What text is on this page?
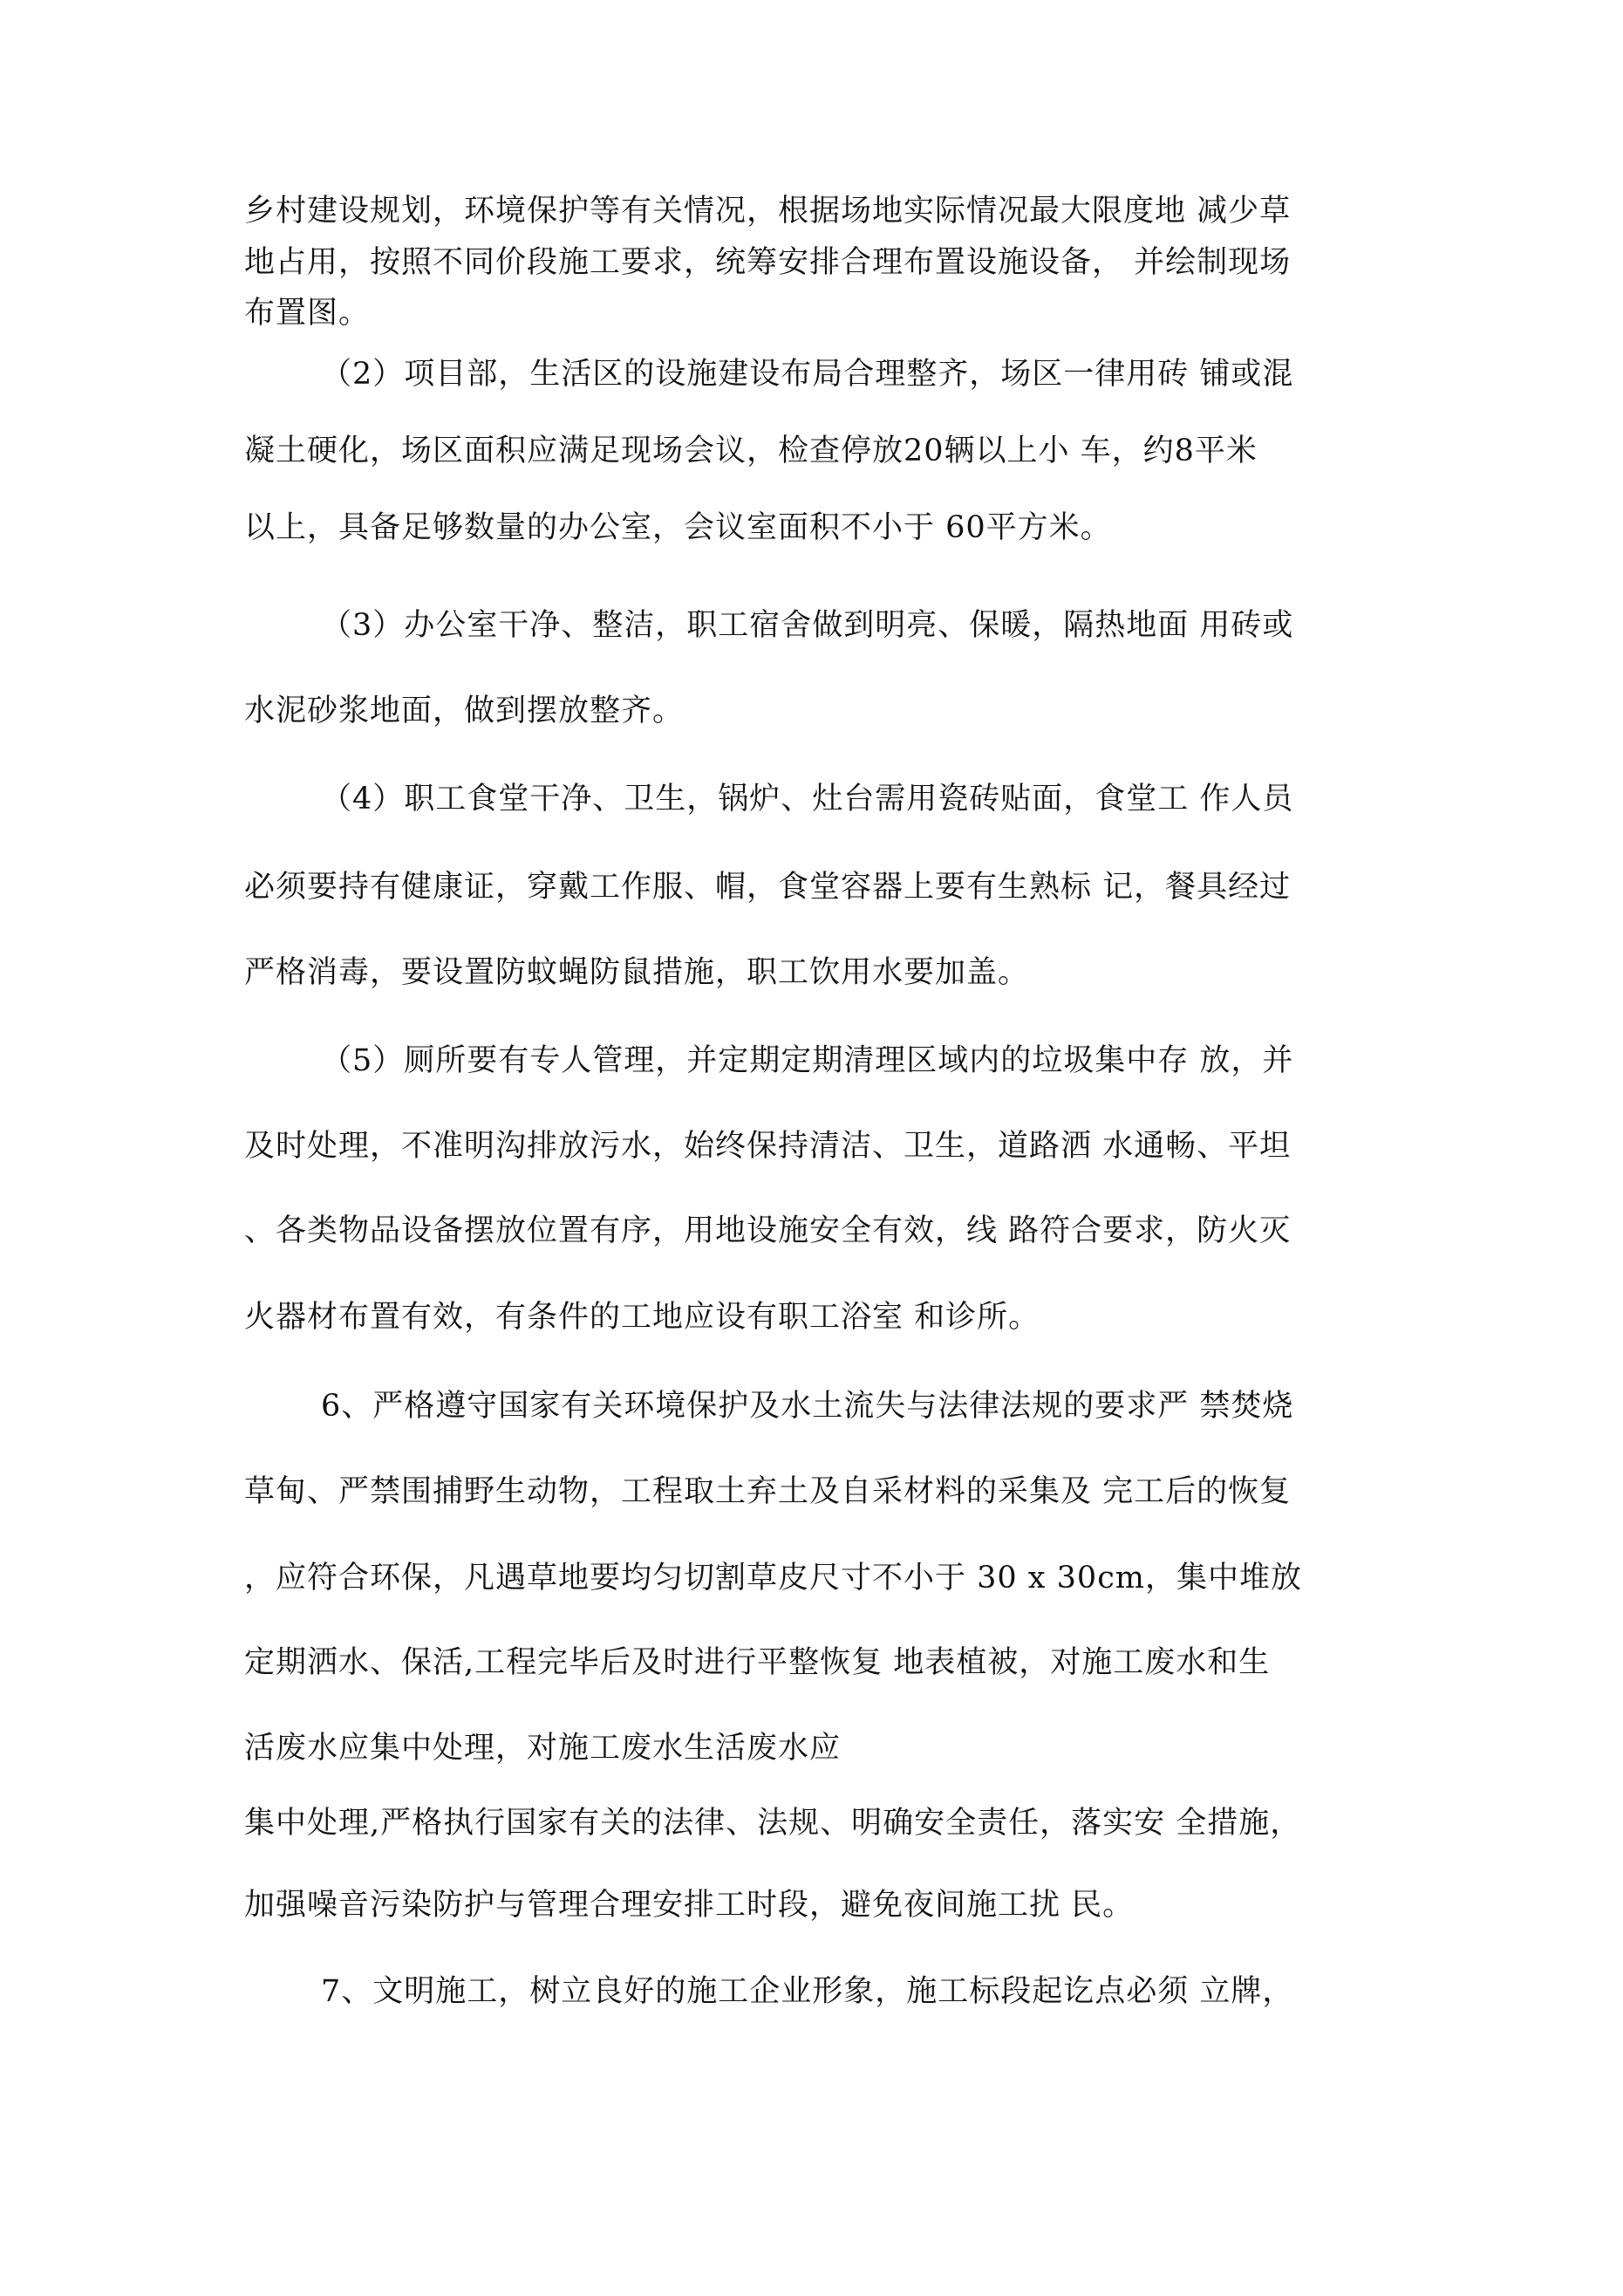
乡村建设规划，环境保护等有关情况，根据场地实际情况最大限度地 减少草
地占用，按照不同价段施工要求，统筹安排合理布置设施设备， 并绘制现场
布置图。
（2）项目部，生活区的设施建设布局合理整齐，场区一律用砖 铺或混
凝土硬化，场区面积应满足现场会议，检查停放20辆以上小 车，约8平米
以上，具备足够数量的办公室，会议室面积不小于 60平方米。
（3）办公室干净、整洁，职工宿舍做到明亮、保暖，隔热地面 用砖或
水泥砂浆地面，做到摆放整齐。
（4）职工食堂干净、卫生，锅炉、灶台需用瓷砖贴面，食堂工 作人员
必须要持有健康证，穿戴工作服、帽，食堂容器上要有生熟标 记，餐具经过
严格消毒，要设置防蚊蝇防鼠措施，职工饮用水要加盖。
（5）厕所要有专人管理，并定期定期清理区域内的垃圾集中存 放，并
及时处理，不准明沟排放污水，始终保持清洁、卫生，道路洒 水通畅、平坦
、各类物品设备摆放位置有序，用地设施安全有效，线 路符合要求，防火灭
火器材布置有效，有条件的工地应设有职工浴室 和诊所。
6、严格遵守国家有关环境保护及水土流失与法律法规的要求严 禁焚烧
草甸、严禁围捕野生动物，工程取土弃土及自采材料的采集及 完工后的恢复
，应符合环保，凡遇草地要均匀切割草皮尺寸不小于 30 x 30cm，集中堆放
定期洒水、保活,工程完毕后及时进行平整恢复 地表植被，对施工废水和生
活废水应集中处理，对施工废水生活废水应
集中处理,严格执行国家有关的法律、法规、明确安全责任，落实安 全措施，
加强噪音污染防护与管理合理安排工时段，避免夜间施工扰 民。
7、文明施工，树立良好的施工企业形象，施工标段起讫点必须 立牌，
